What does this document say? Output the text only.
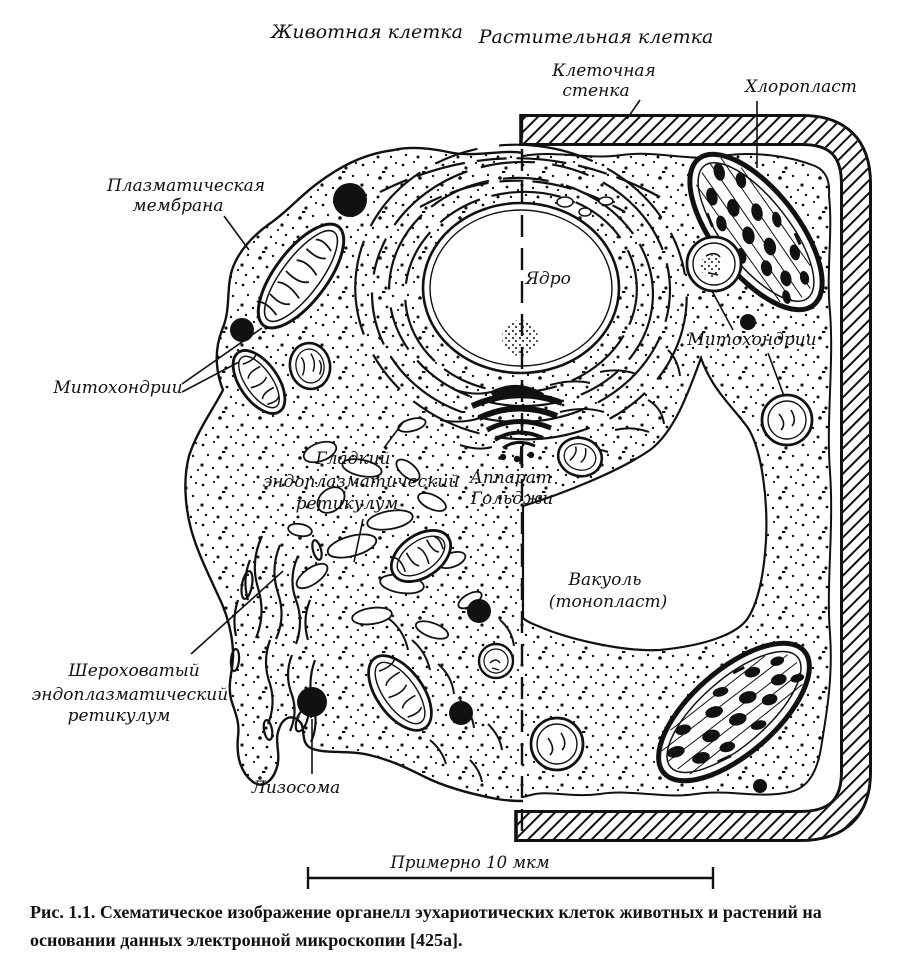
Животная клетка Растительная клетка
Клеточная
стенка	Хлоропласт
Плазматическая
мембрана
Ядро
Митохондрии
Митохондрии
Гладкий
эндоплазматический
ретикулум
Аппарат
Гольджи
Вакуоль
(тонопласт)
Шероховатый
эндоплазматический
ретикулум
Лизосома
Примерно 10 мкм
Рис. 1.1. Схематическое изображение органелл эухариотических клеток животных и растений на основании данных электронной микроскопии [425a].
